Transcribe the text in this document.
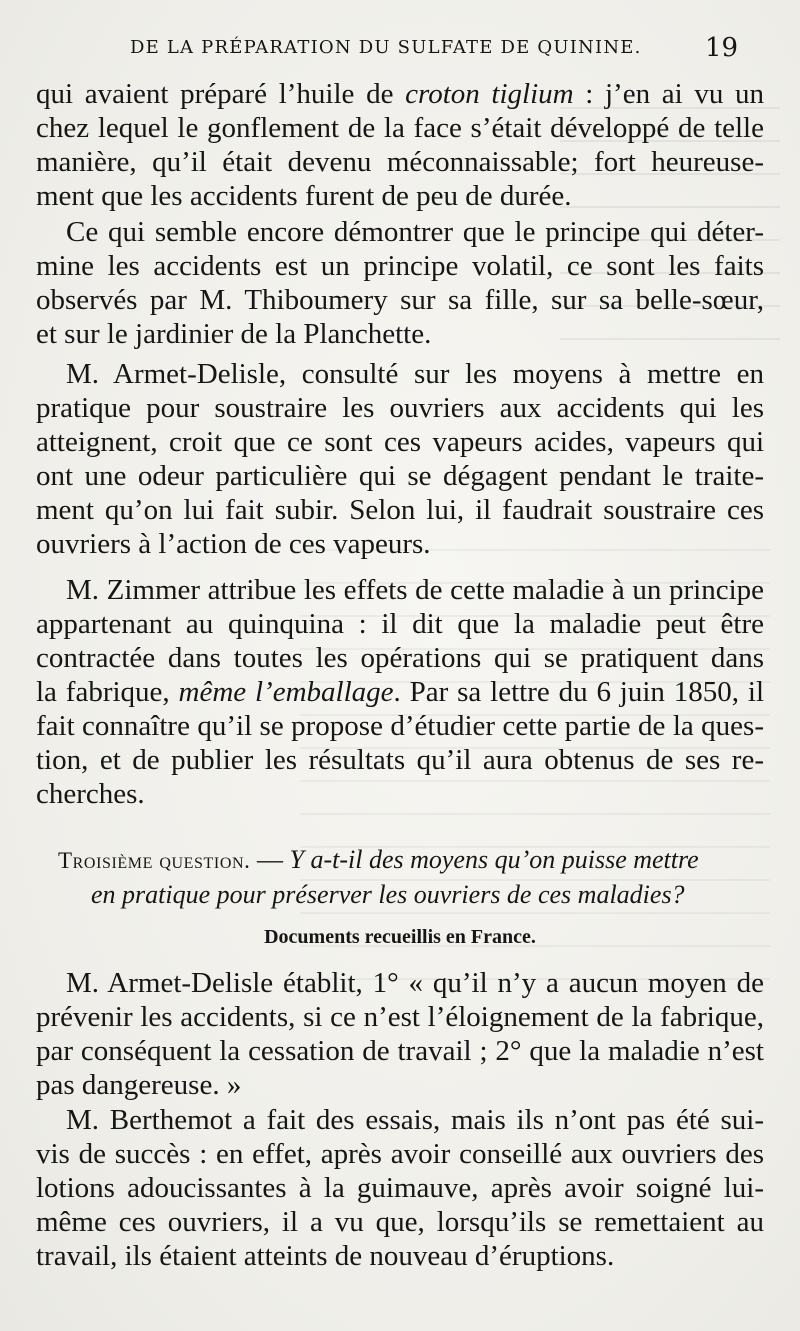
DE LA PRÉPARATION DU SULFATE DE QUININE. 19
qui avaient préparé l’huile de croton tiglium : j’en ai vu un
chez lequel le gonflement de la face s’était développé de telle
manière, qu’il était devenu méconnaissable; fort heureuse-
ment que les accidents furent de peu de durée.
Ce qui semble encore démontrer que le principe qui déter-
mine les accidents est un principe volatil, ce sont les faits
observés par M. Thiboumery sur sa fille, sur sa belle-sœur,
et sur le jardinier de la Planchette.
M. Armet-Delisle, consulté sur les moyens à mettre en
pratique pour soustraire les ouvriers aux accidents qui les
atteignent, croit que ce sont ces vapeurs acides, vapeurs qui
ont une odeur particulière qui se dégagent pendant le traite-
ment qu’on lui fait subir. Selon lui, il faudrait soustraire ces
ouvriers à l’action de ces vapeurs.
M. Zimmer attribue les effets de cette maladie à un principe
appartenant au quinquina : il dit que la maladie peut être
contractée dans toutes les opérations qui se pratiquent dans
la fabrique, même l’emballage. Par sa lettre du 6 juin 1850, il
fait connaître qu’il se propose d’étudier cette partie de la ques-
tion, et de publier les résultats qu’il aura obtenus de ses re-
cherches.
Troisième question. — Y a-t-il des moyens qu’on puisse mettre
en pratique pour préserver les ouvriers de ces maladies?
Documents recueillis en France.
M. Armet-Delisle établit, 1° « qu’il n’y a aucun moyen de
prévenir les accidents, si ce n’est l’éloignement de la fabrique,
par conséquent la cessation de travail ; 2° que la maladie n’est
pas dangereuse. »
M. Berthemot a fait des essais, mais ils n’ont pas été sui-
vis de succès : en effet, après avoir conseillé aux ouvriers des
lotions adoucissantes à la guimauve, après avoir soigné lui-
même ces ouvriers, il a vu que, lorsqu’ils se remettaient au
travail, ils étaient atteints de nouveau d’éruptions.
